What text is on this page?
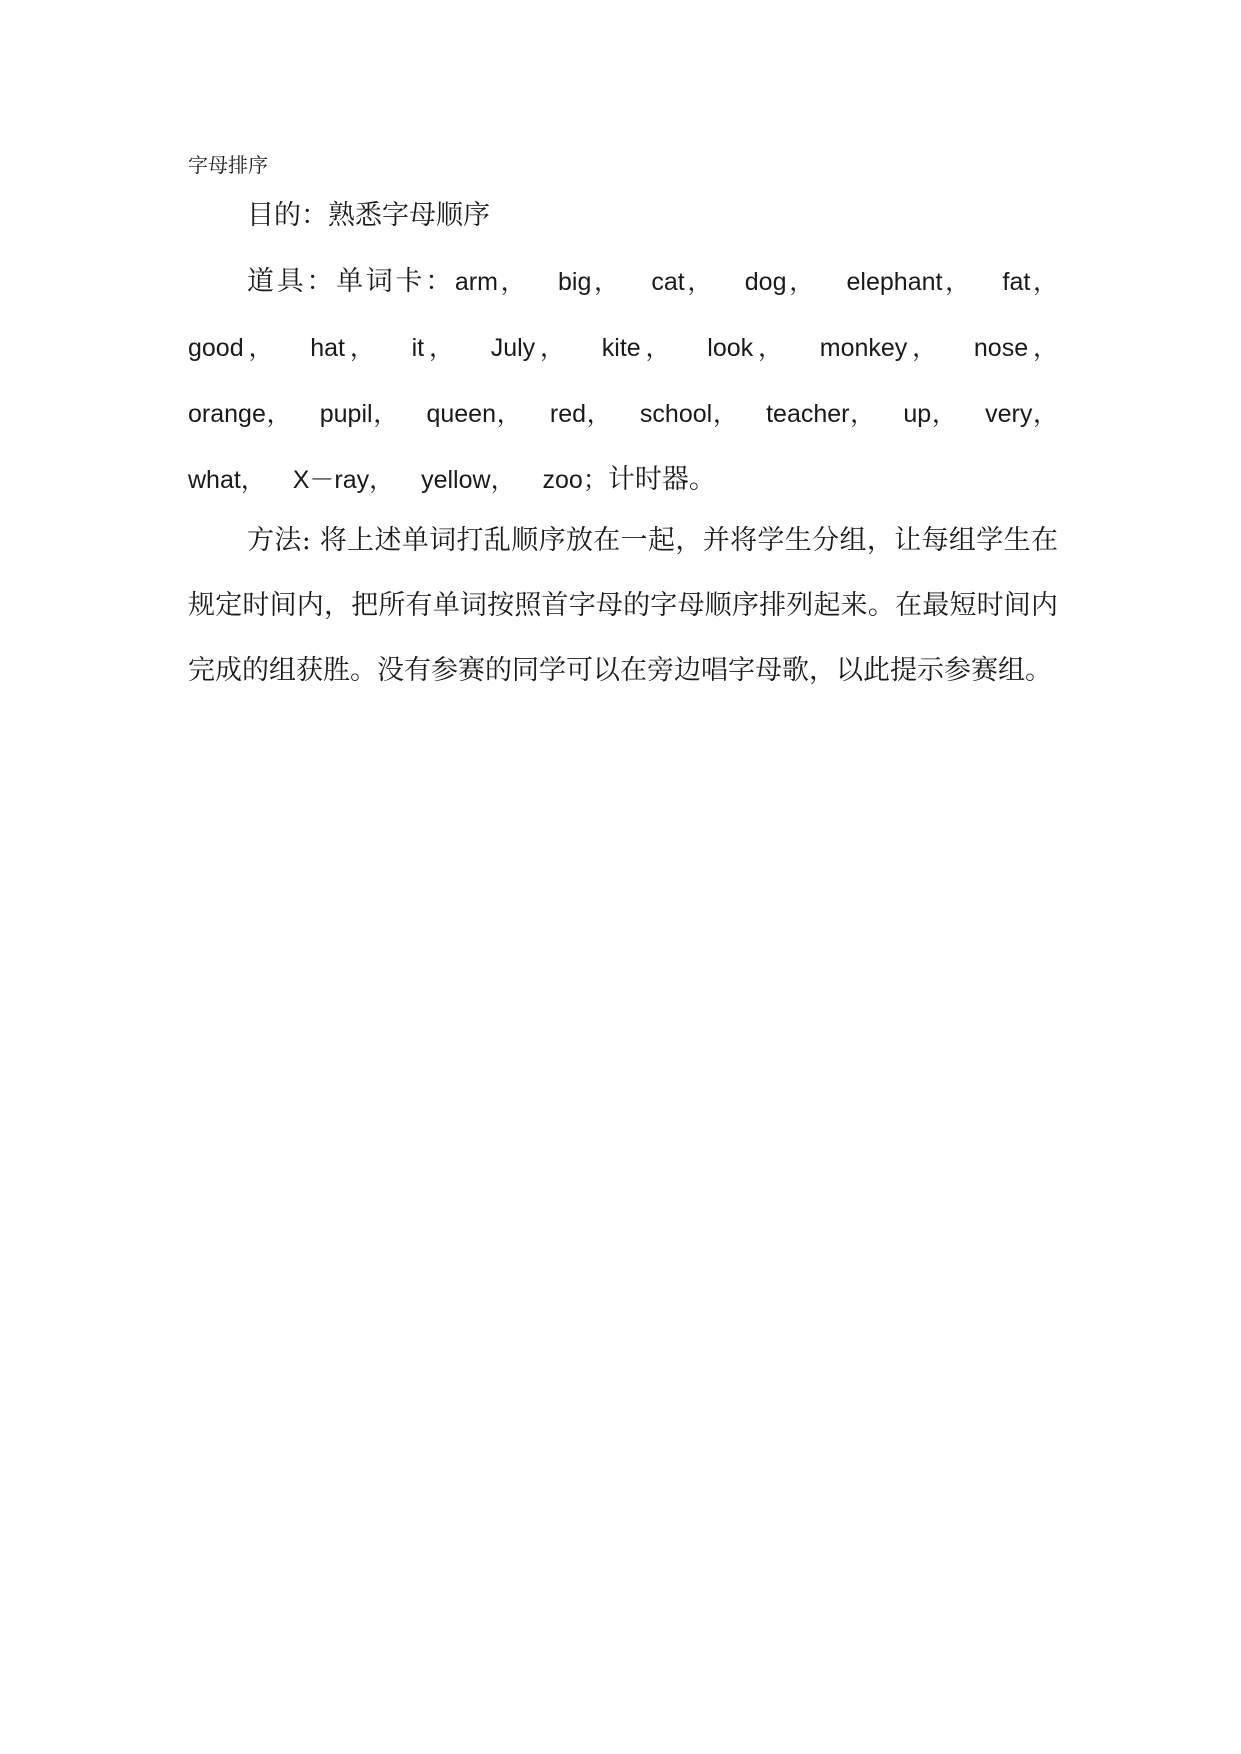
字母排序

目的：熟悉字母顺序

道具：单词卡：arm， big， cat， dog， elephant， fat， good， hat， it， July， kite， look， monkey， nose， orange， pupil， queen， red， school， teacher， up， very， what， X－ray， yellow， zoo；计时器。

方法: 将上述单词打乱顺序放在一起，并将学生分组，让每组学生在规定时间内，把所有单词按照首字母的字母顺序排列起来。在最短时间内完成的组获胜。没有参赛的同学可以在旁边唱字母歌，以此提示参赛组。
